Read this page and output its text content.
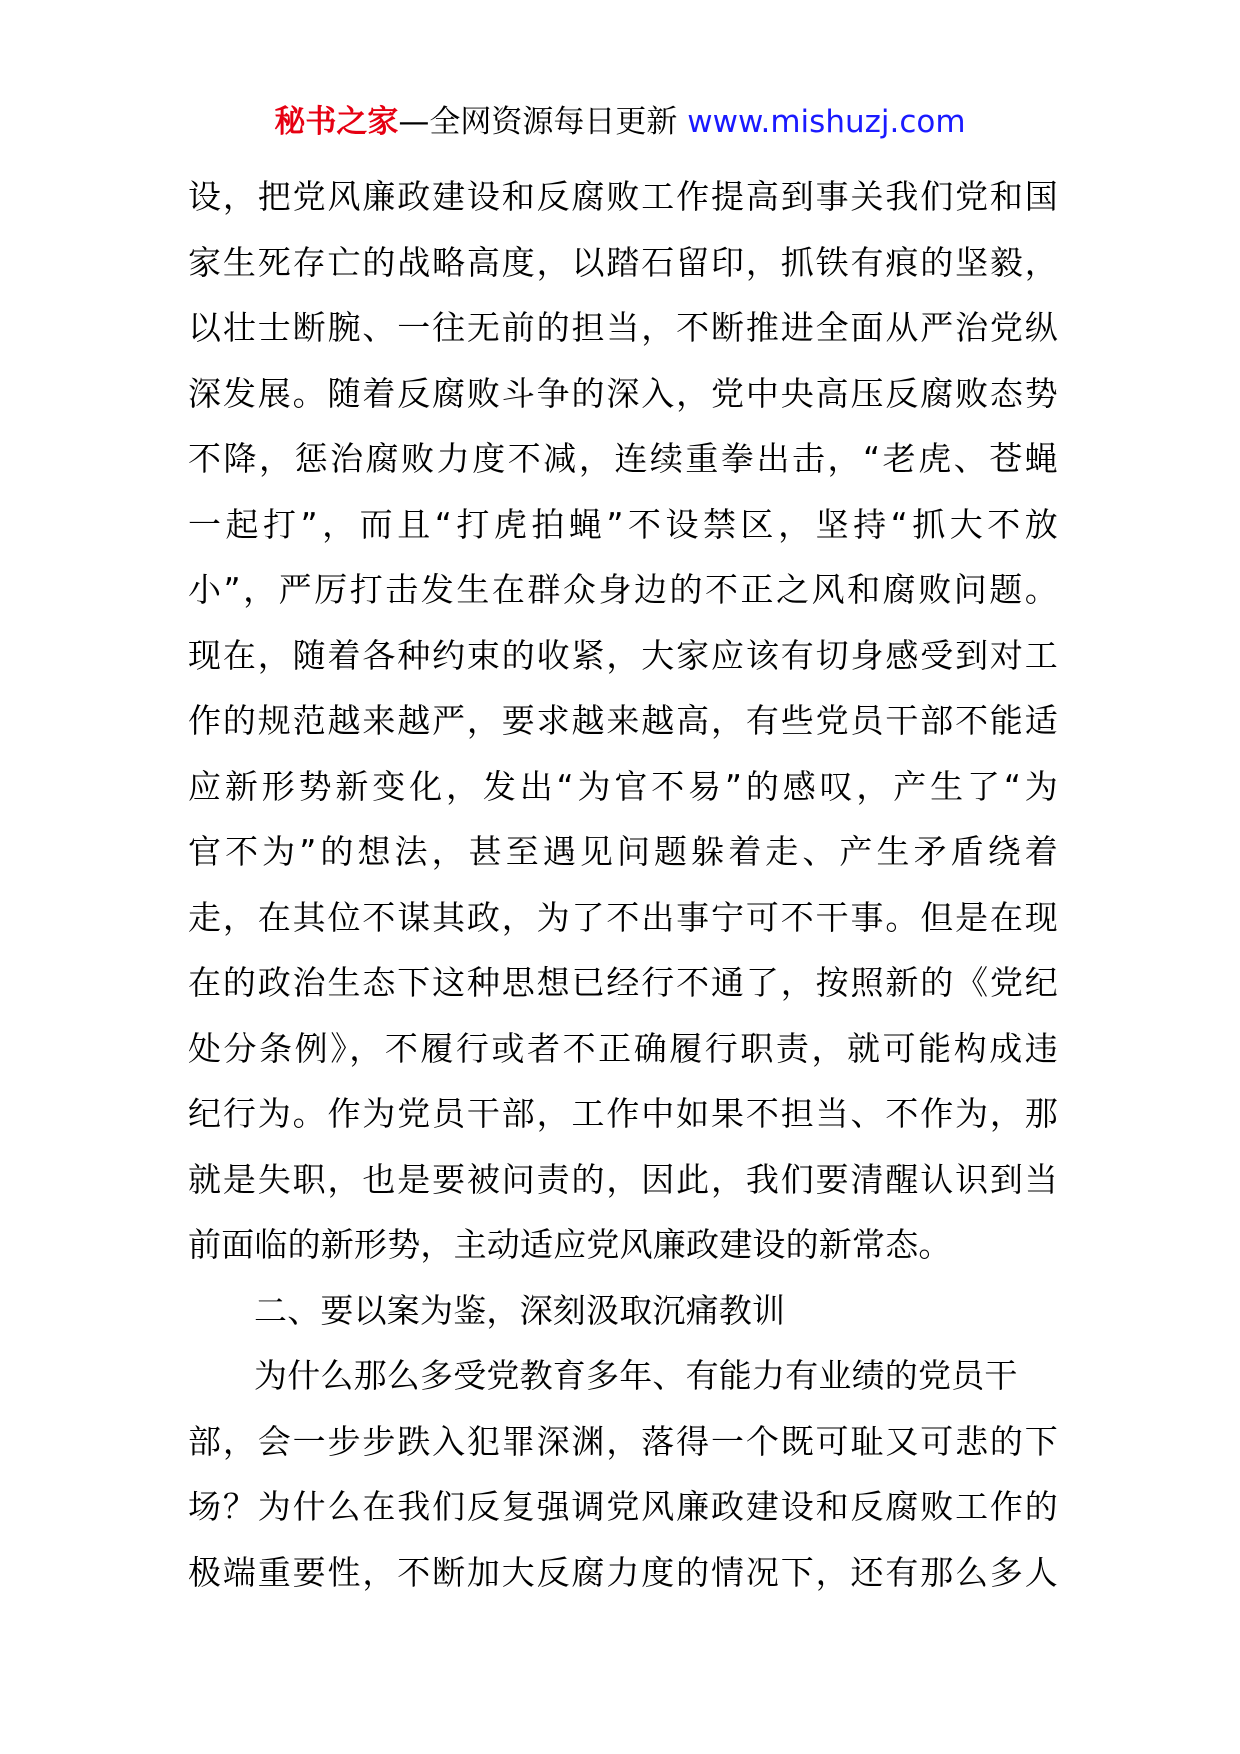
秘书之家—全网资源每日更新 www.mishuzj.com
设，把党风廉政建设和反腐败工作提高到事关我们党和国
家生死存亡的战略高度，以踏石留印，抓铁有痕的坚毅，
以壮士断腕、一往无前的担当，不断推进全面从严治党纵
深发展。随着反腐败斗争的深入，党中央高压反腐败态势
不降，惩治腐败力度不减，连续重拳出击，“老虎、苍蝇
一起打”，而且“打虎拍蝇”不设禁区，坚持“抓大不放
小”，严厉打击发生在群众身边的不正之风和腐败问题。
现在，随着各种约束的收紧，大家应该有切身感受到对工
作的规范越来越严，要求越来越高，有些党员干部不能适
应新形势新变化，发出“为官不易”的感叹，产生了“为
官不为”的想法，甚至遇见问题躲着走、产生矛盾绕着
走，在其位不谋其政，为了不出事宁可不干事。但是在现
在的政治生态下这种思想已经行不通了，按照新的《党纪
处分条例》，不履行或者不正确履行职责，就可能构成违
纪行为。作为党员干部，工作中如果不担当、不作为，那
就是失职，也是要被问责的，因此，我们要清醒认识到当
前面临的新形势，主动适应党风廉政建设的新常态。
二、要以案为鉴，深刻汲取沉痛教训
为什么那么多受党教育多年、有能力有业绩的党员干
部，会一步步跌入犯罪深渊，落得一个既可耻又可悲的下
场？为什么在我们反复强调党风廉政建设和反腐败工作的
极端重要性，不断加大反腐力度的情况下，还有那么多人
